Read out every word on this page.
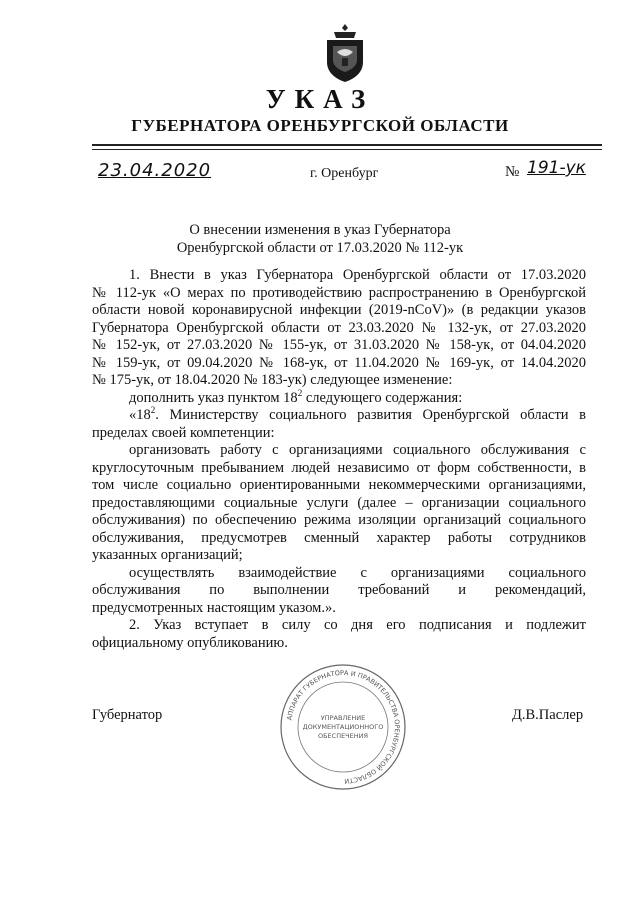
УКАЗ
ГУБЕРНАТОРА ОРЕНБУРГСКОЙ ОБЛАСТИ
23.04.2020	г. Оренбург	№ 191-ук
О внесении изменения в указ Губернатора
Оренбургской области от 17.03.2020 № 112-ук

1. Внести в указ Губернатора Оренбургской области от 17.03.2020

№ 112-ук «О мерах по противодействию распространению в Оренбургской

области новой коронавирусной инфекции (2019-nCoV)» (в редакции указов

Губернатора Оренбургской области от 23.03.2020 № 132-ук, от 27.03.2020

№ 152-ук, от 27.03.2020 № 155-ук, от 31.03.2020 № 158-ук, от 04.04.2020

№ 159-ук, от 09.04.2020 № 168-ук, от 11.04.2020 № 169-ук, от 14.04.2020

№ 175-ук, от 18.04.2020 № 183-ук) следующее изменение:

дополнить указ пунктом $18^2$ следующего содержания:

«$18^2$. Министерству социального развития Оренбургской области в

пределах своей компетенции:

организовать работу с организациями социального обслуживания с

круглосуточным пребыванием людей независимо от форм собственности, в

том числе социально ориентированными некоммерческими организациями,

предоставляющими социальные услуги (далее – организации социального

обслуживания) по обеспечению режима изоляции организаций социального

обслуживания, предусмотрев сменный характер работы сотрудников

указанных организаций;

осуществлять взаимодействие с организациями социального

обслуживания по выполнении требований и рекомендаций,

предусмотренных настоящим указом.».

2. Указ вступает в силу со дня его подписания и подлежит

официальному опубликованию.

Губернатор	Д.В.Паслер
АППАРАТ ГУБЕРНАТОРА И ПРАВИТЕЛЬСТВА ОРЕНБУРГСКОЙ ОБЛАСТИ
УПРАВЛЕНИЕ
ДОКУМЕНТАЦИОННОГО
ОБЕСПЕЧЕНИЯ
